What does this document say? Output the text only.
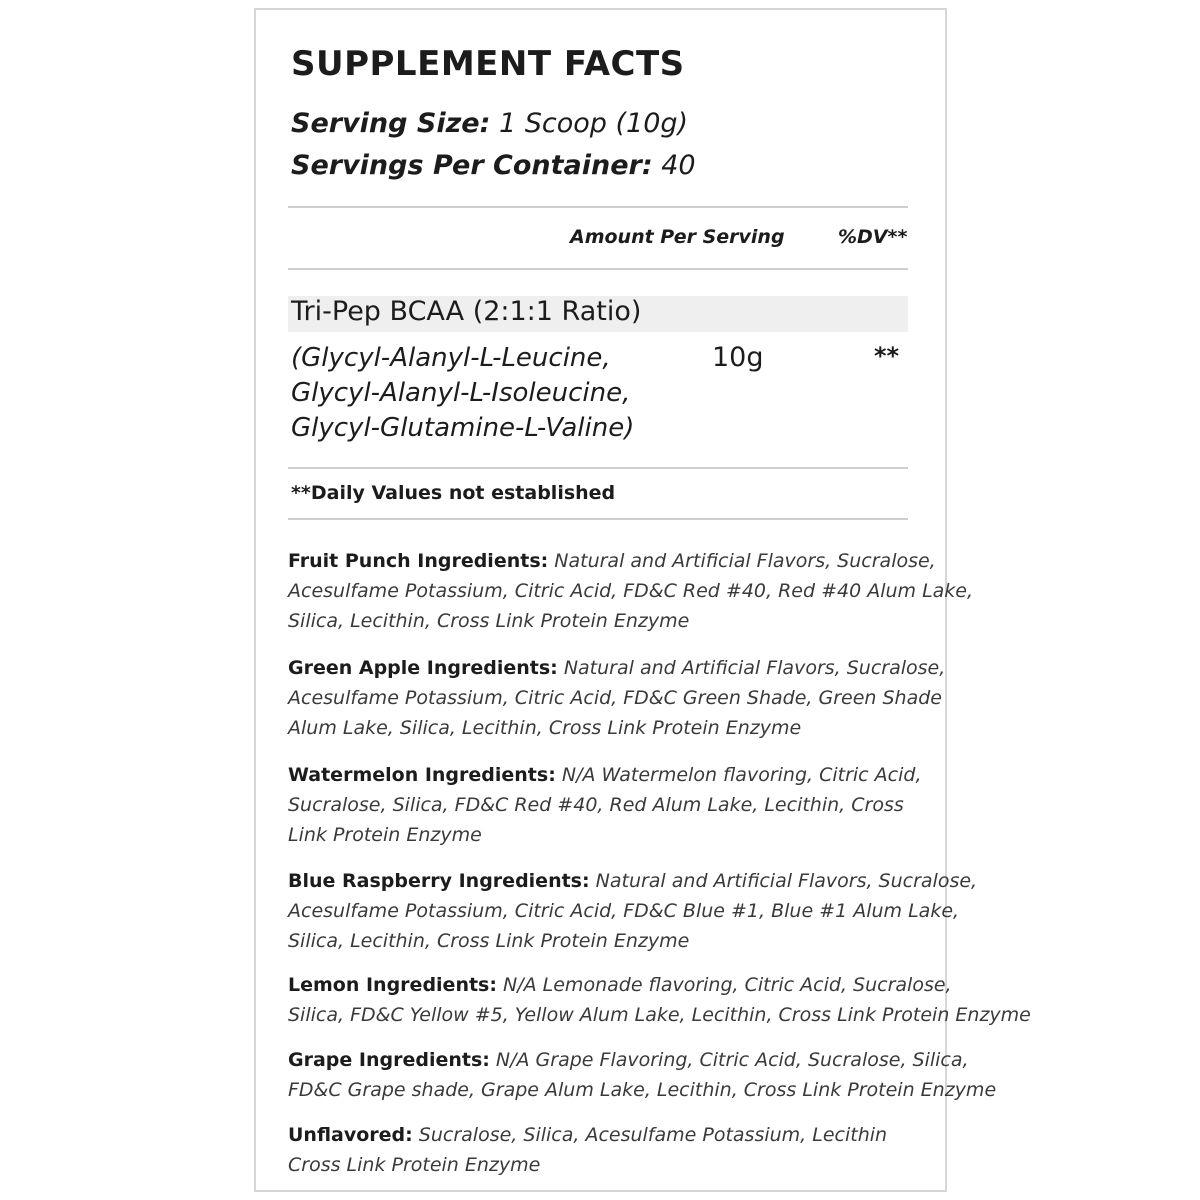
SUPPLEMENT FACTS
Serving Size: 1 Scoop (10g)
Servings Per Container: 40
Amount Per Serving	%DV**
Tri-Pep BCAA (2:1:1 Ratio)
(Glycyl-Alanyl-L-Leucine,
Glycyl-Alanyl-L-Isoleucine,
Glycyl-Glutamine-L-Valine)
10g	**
**Daily Values not established
Fruit Punch Ingredients: Natural and Artificial Flavors, Sucralose,
Acesulfame Potassium, Citric Acid, FD&C Red #40, Red #40 Alum Lake,
Silica, Lecithin, Cross Link Protein Enzyme
Green Apple Ingredients: Natural and Artificial Flavors, Sucralose,
Acesulfame Potassium, Citric Acid, FD&C Green Shade, Green Shade
Alum Lake, Silica, Lecithin, Cross Link Protein Enzyme
Watermelon Ingredients: N/A Watermelon flavoring, Citric Acid,
Sucralose, Silica, FD&C Red #40, Red Alum Lake, Lecithin, Cross
Link Protein Enzyme
Blue Raspberry Ingredients: Natural and Artificial Flavors, Sucralose,
Acesulfame Potassium, Citric Acid, FD&C Blue #1, Blue #1 Alum Lake,
Silica, Lecithin, Cross Link Protein Enzyme
Lemon Ingredients: N/A Lemonade flavoring, Citric Acid, Sucralose,
Silica, FD&C Yellow #5, Yellow Alum Lake, Lecithin, Cross Link Protein Enzyme
Grape Ingredients: N/A Grape Flavoring, Citric Acid, Sucralose, Silica,
FD&C Grape shade, Grape Alum Lake, Lecithin, Cross Link Protein Enzyme
Unflavored: Sucralose, Silica, Acesulfame Potassium, Lecithin
Cross Link Protein Enzyme
